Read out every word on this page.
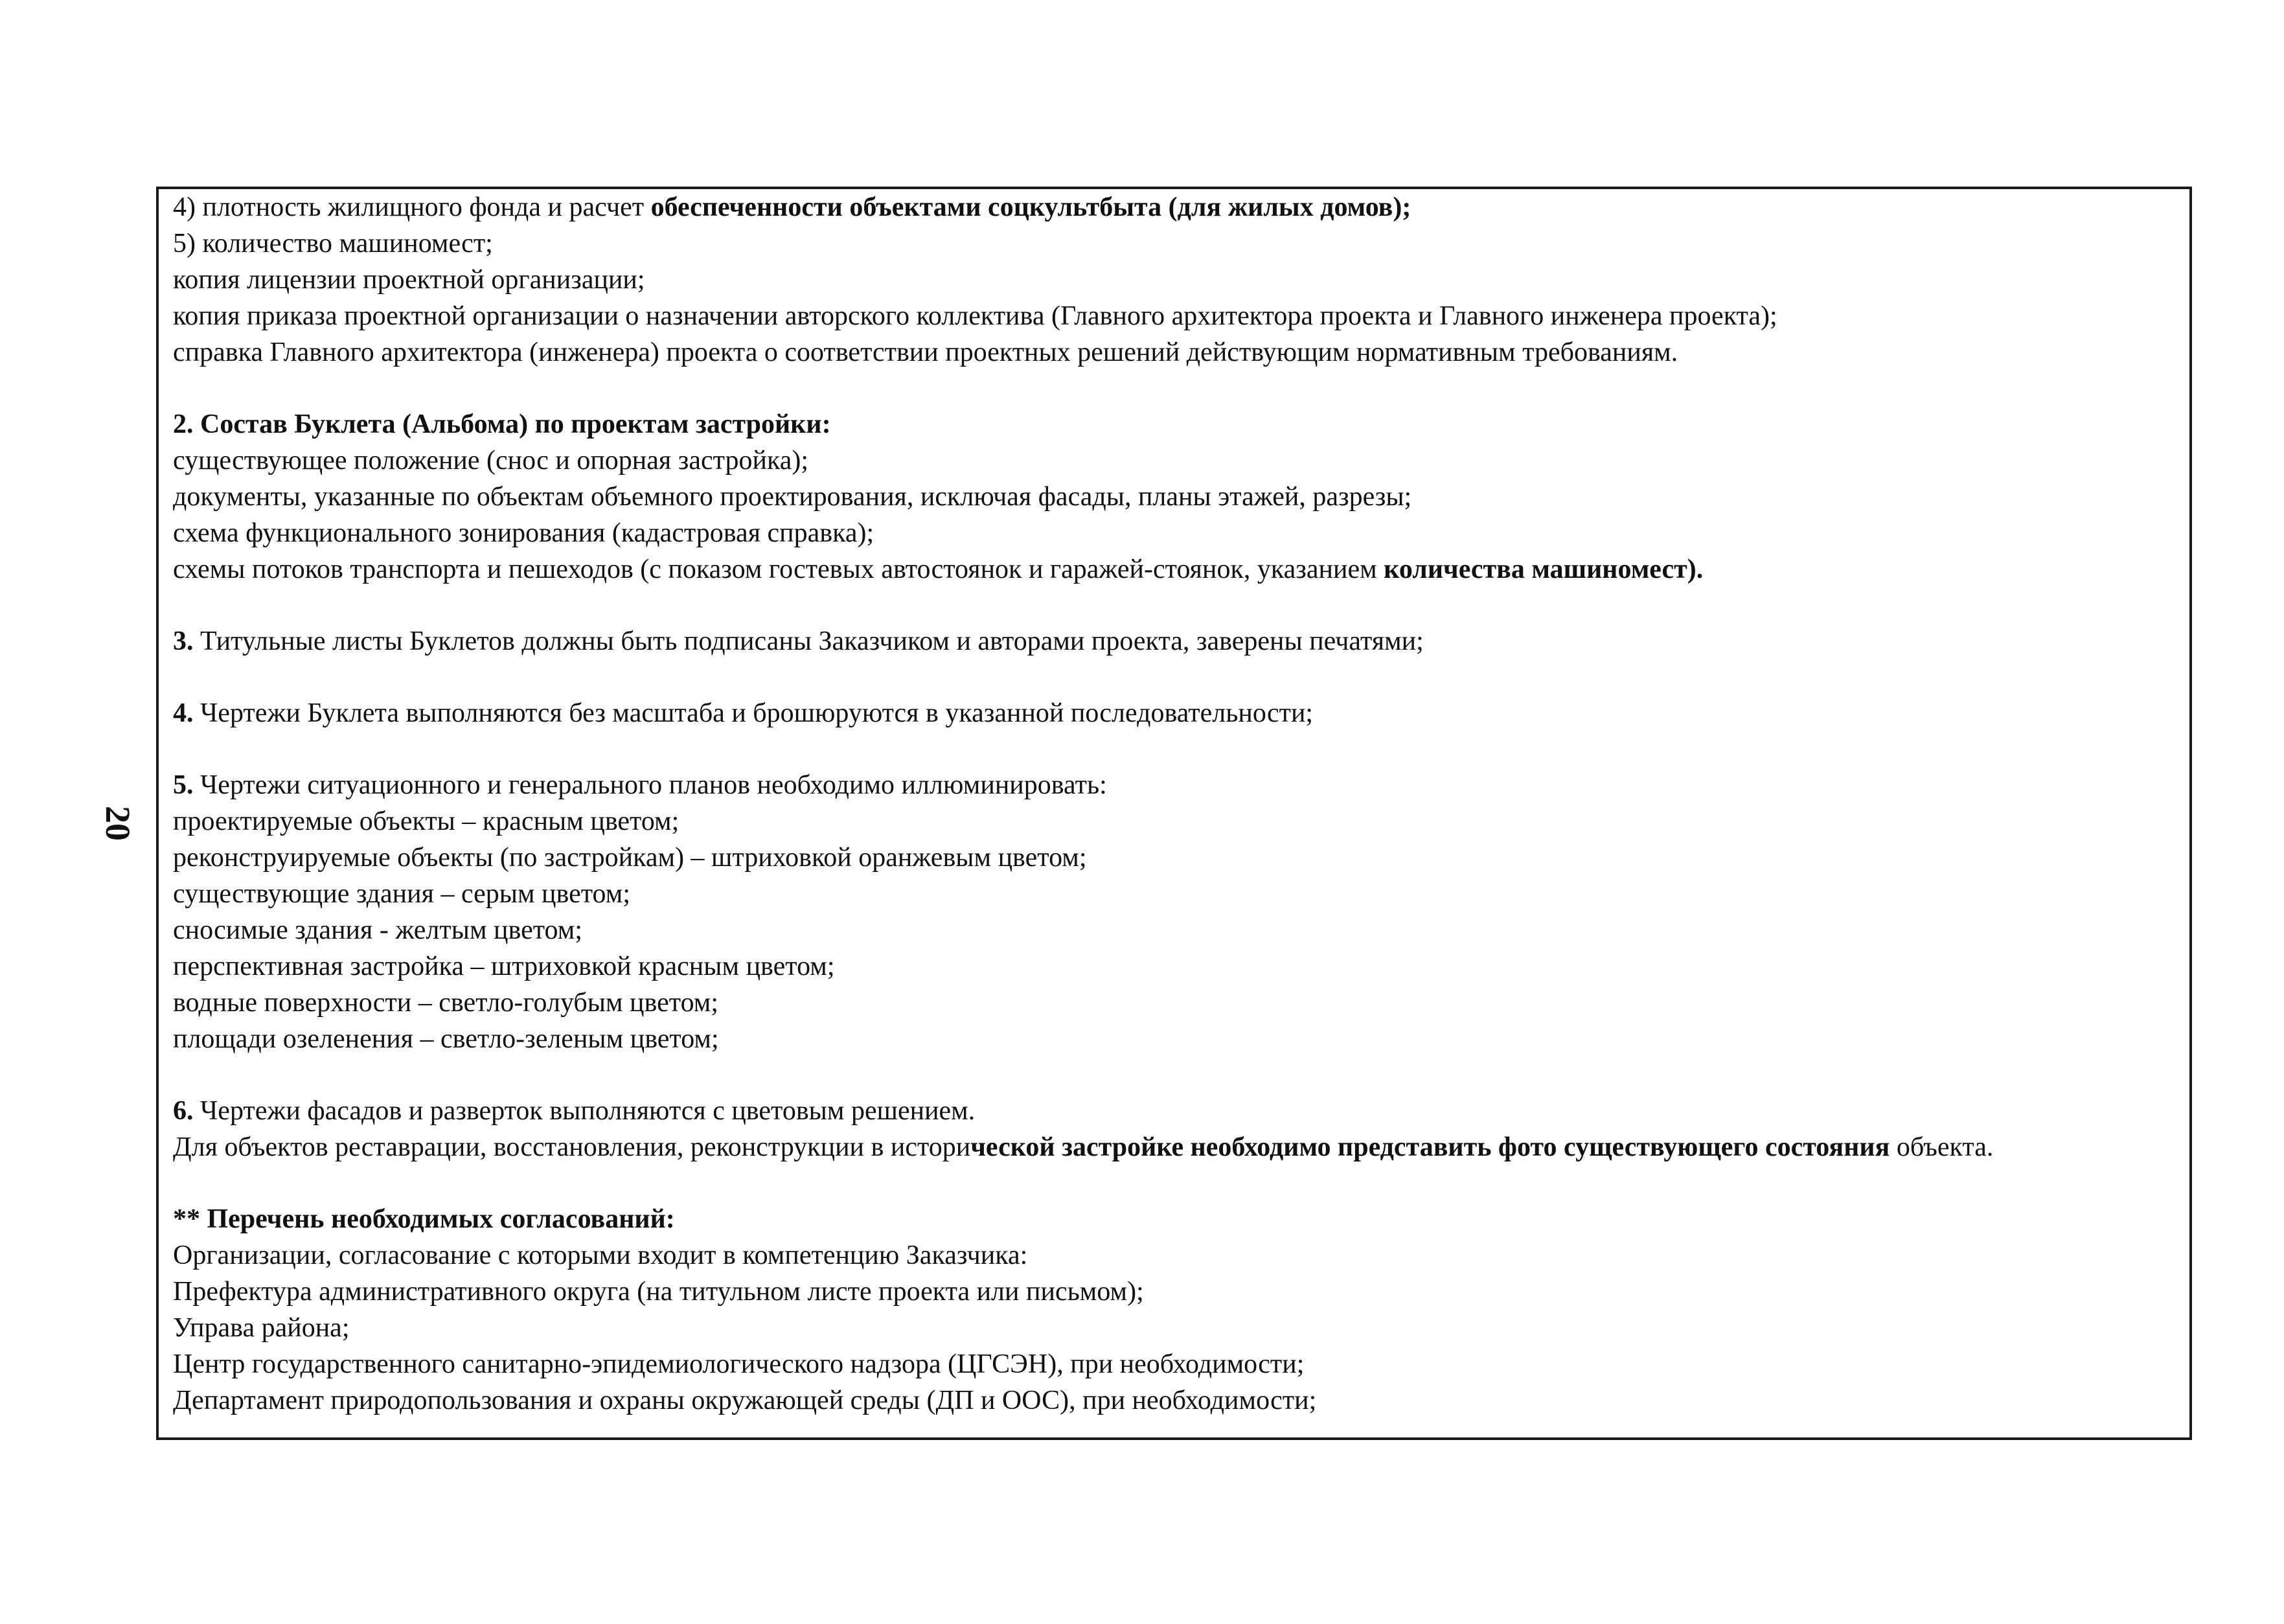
20
4) плотность жилищного фонда и расчет обеспеченности объектами соцкультбыта (для жилых домов);
5) количество машиномест;
копия лицензии проектной организации;
копия приказа проектной организации о назначении авторского коллектива (Главного архитектора проекта и Главного инженера проекта);
справка Главного архитектора (инженера) проекта о соответствии проектных решений действующим нормативным требованиям.
2. Состав Буклета (Альбома) по проектам застройки:
существующее положение (снос и опорная застройка);
документы, указанные по объектам объемного проектирования, исключая фасады, планы этажей, разрезы;
схема функционального зонирования (кадастровая справка);
схемы потоков транспорта и пешеходов (с показом гостевых автостоянок и гаражей-стоянок, указанием количества машиномест).
3. Титульные листы Буклетов должны быть подписаны Заказчиком и авторами проекта, заверены печатями;
4. Чертежи Буклета выполняются без масштаба и брошюруются в указанной последовательности;
5. Чертежи ситуационного и генерального планов необходимо иллюминировать:
проектируемые объекты – красным цветом;
реконструируемые объекты (по застройкам) – штриховкой оранжевым цветом;
существующие здания – серым цветом;
сносимые здания - желтым цветом;
перспективная застройка – штриховкой красным цветом;
водные поверхности – светло-голубым цветом;
площади озеленения – светло-зеленым цветом;
6. Чертежи фасадов и разверток выполняются с цветовым решением.
Для объектов реставрации, восстановления, реконструкции в исторической застройке необходимо представить фото существующего состояния объекта.
** Перечень необходимых согласований:
Организации, согласование с которыми входит в компетенцию Заказчика:
Префектура административного округа (на титульном листе проекта или письмом);
Управа района;
Центр государственного санитарно-эпидемиологического надзора (ЦГСЭН), при необходимости;
Департамент природопользования и охраны окружающей среды (ДП и ООС), при необходимости;
